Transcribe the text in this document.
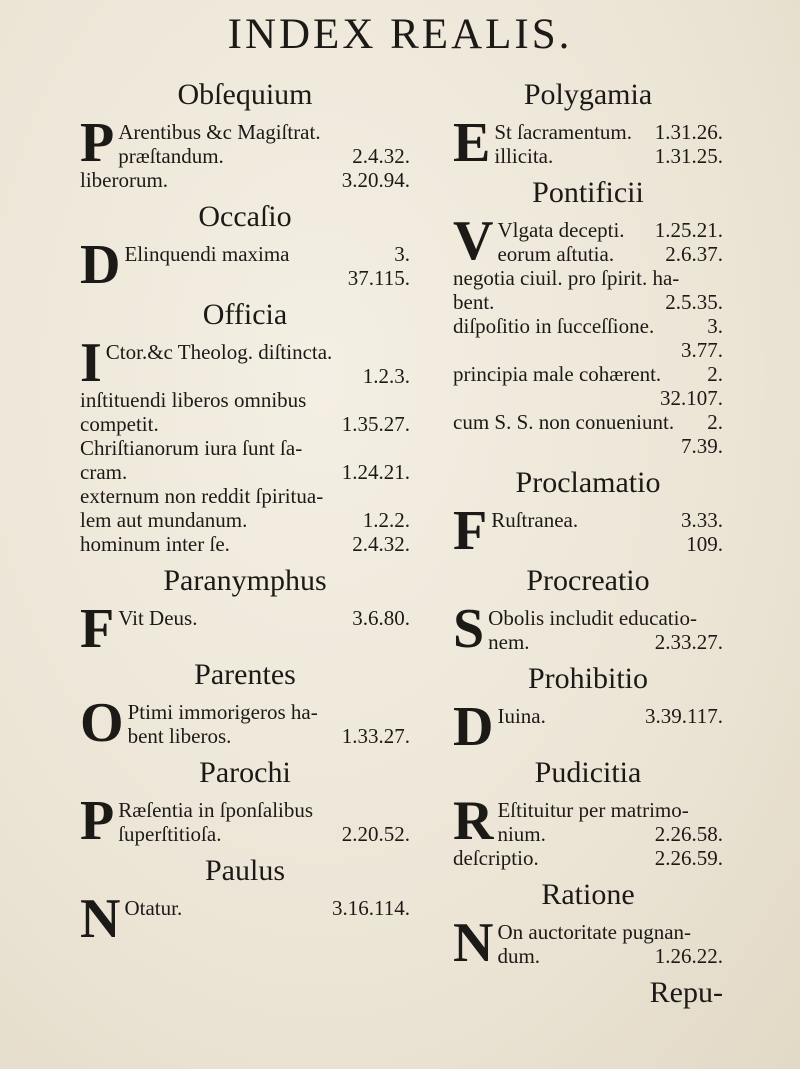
INDEX REALIS.
Obſequium
P Arentibus &c Magiſtrat.
præſtandum.	2.4.32.
liberorum.	3.20.94.
Occaſio
D Elinquendi maxima	3.
37.115.
Officia
I Ctor.&c Theolog. diſtincta.
1.2.3.
inſtituendi liberos omnibus
competit.	1.35.27.
Chriſtianorum iura ſunt ſa-
cram.	1.24.21.
externum non reddit ſpiritua-
lem aut mundanum.	1.2.2.
hominum inter ſe.	2.4.32.
Paranymphus
F Vit Deus.	3.6.80.
Parentes
O Ptimi immorigeros ha-
bent liberos.	1.33.27.
Parochi
P Ræſentia in ſponſalibus
ſuperſtitioſa.	2.20.52.
Paulus
N Otatur.	3.16.114.
Polygamia
E St ſacramentum. 1.31.26.
illicita.	1.31.25.
Pontificii
V Vlgata decepti. 1.25.21.
eorum aſtutia. 2.6.37.
negotia ciuil. pro ſpirit. ha-
bent.	2.5.35.
diſpoſitio in ſucceſſione.	3.
3.77.
principia male cohærent. 2.
32.107.
cum S. S. non conueniunt. 2.
7.39.
Proclamatio
F Ruſtranea.	3.33.
109.
Procreatio
S Obolis includit educatio-
nem.	2.33.27.
Prohibitio
D Iuina.	3.39.117.
Pudicitia
R Eſtituitur per matrimo-
nium.	2.26.58.
deſcriptio.	2.26.59.
Ratione
N On auctoritate pugnan-
dum.	1.26.22.
Repu-
